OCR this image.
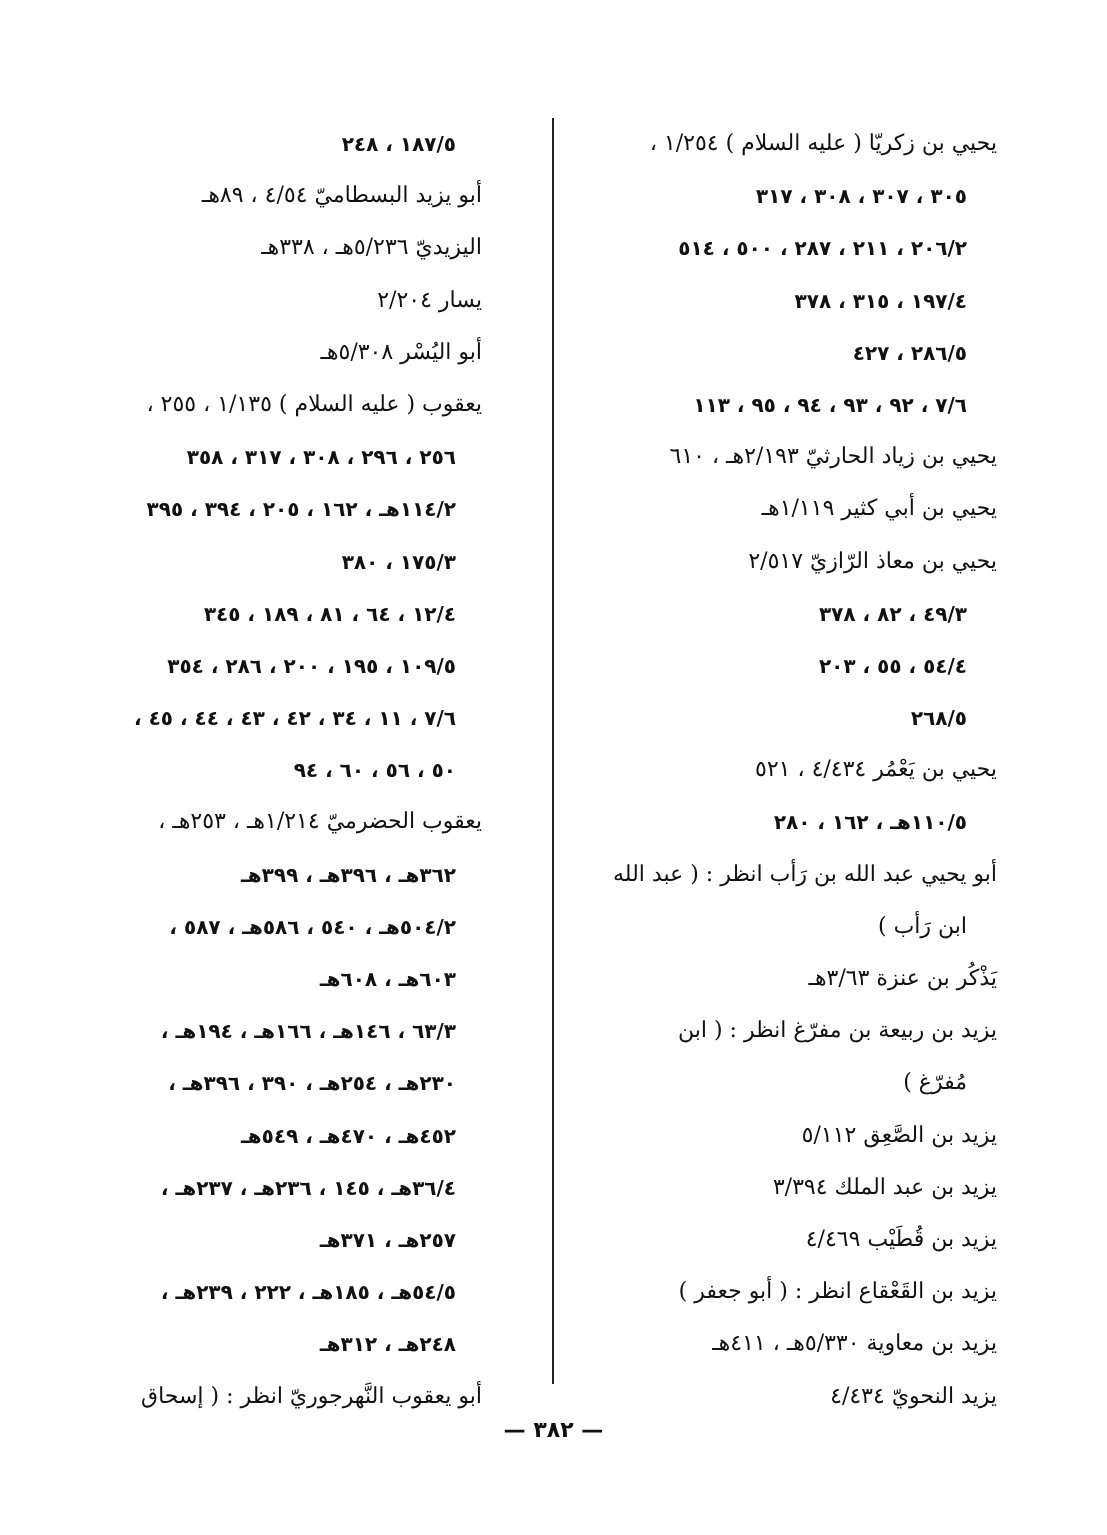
يحيي بن زكريّا ( عليه السلام ) ١/٢٥٤ ،
٣٠٥ ، ٣٠٧ ، ٣٠٨ ، ٣١٧
٢٠٦/٢ ، ٢١١ ، ٢٨٧ ، ٥٠٠ ، ٥١٤
١٩٧/٤ ، ٣١٥ ، ٣٧٨
٢٨٦/٥ ، ٤٢٧
٧/٦ ، ٩٢ ، ٩٣ ، ٩٤ ، ٩٥ ، ١١٣
يحيي بن زياد الحارثيّ ٢/١٩٣هـ ، ٦١٠
يحيي بن أبي كثير ١/١١٩هـ
يحيي بن معاذ الرّازيّ ٢/٥١٧
٤٩/٣ ، ٨٢ ، ٣٧٨
٥٤/٤ ، ٥٥ ، ٢٠٣
٢٦٨/٥
يحيي بن يَعْمُر ٤/٤٣٤ ، ٥٢١
١١٠/٥هـ ، ١٦٢ ، ٢٨٠
أبو يحيي عبد الله بن رَأب انظر : ( عبد الله
ابن رَأب )
يَذْكُر بن عنزة ٣/٦٣هـ
يزيد بن ربيعة بن مفرّغ انظر : ( ابن
مُفرّغ )
يزيد بن الصَّعِق ٥/١١٢
يزيد بن عبد الملك ٣/٣٩٤
يزيد بن قُطَيْب ٤/٤٦٩
يزيد بن القَعْقاع انظر : ( أبو جعفر )
يزيد بن معاوية ٥/٣٣٠هـ ، ٤١١هـ
يزيد النحويّ ٤/٤٣٤
١٨٧/٥ ، ٢٤٨
أبو يزيد البسطاميّ ٤/٥٤ ، ٨٩هـ
اليزيديّ ٥/٢٣٦هـ ، ٣٣٨هـ
يسار ٢/٢٠٤
أبو اليُسْر ٥/٣٠٨هـ
يعقوب ( عليه السلام ) ١/١٣٥ ، ٢٥٥ ،
٢٥٦ ، ٢٩٦ ، ٣٠٨ ، ٣١٧ ، ٣٥٨
١١٤/٢هـ ، ١٦٢ ، ٢٠٥ ، ٣٩٤ ، ٣٩٥
١٧٥/٣ ، ٣٨٠
١٢/٤ ، ٦٤ ، ٨١ ، ١٨٩ ، ٣٤٥
١٠٩/٥ ، ١٩٥ ، ٢٠٠ ، ٢٨٦ ، ٣٥٤
٧/٦ ، ١١ ، ٣٤ ، ٤٢ ، ٤٣ ، ٤٤ ، ٤٥ ،
٥٠ ، ٥٦ ، ٦٠ ، ٩٤
يعقوب الحضرميّ ١/٢١٤هـ ، ٢٥٣هـ ،
٣٦٢هـ ، ٣٩٦هـ ، ٣٩٩هـ
٥٠٤/٢هـ ، ٥٤٠ ، ٥٨٦هـ ، ٥٨٧ ،
٦٠٣هـ ، ٦٠٨هـ
٦٣/٣ ، ١٤٦هـ ، ١٦٦هـ ، ١٩٤هـ ،
٢٣٠هـ ، ٢٥٤هـ ، ٣٩٠ ، ٣٩٦هـ ،
٤٥٢هـ ، ٤٧٠هـ ، ٥٤٩هـ
٣٦/٤هـ ، ١٤٥ ، ٢٣٦هـ ، ٢٣٧هـ ،
٢٥٧هـ ، ٣٧١هـ
٥٤/٥هـ ، ١٨٥هـ ، ٢٢٢ ، ٢٣٩هـ ،
٢٤٨هـ ، ٣١٢هـ
أبو يعقوب النَّهرجوريّ انظر : ( إسحاق
— ٣٨٢ —
